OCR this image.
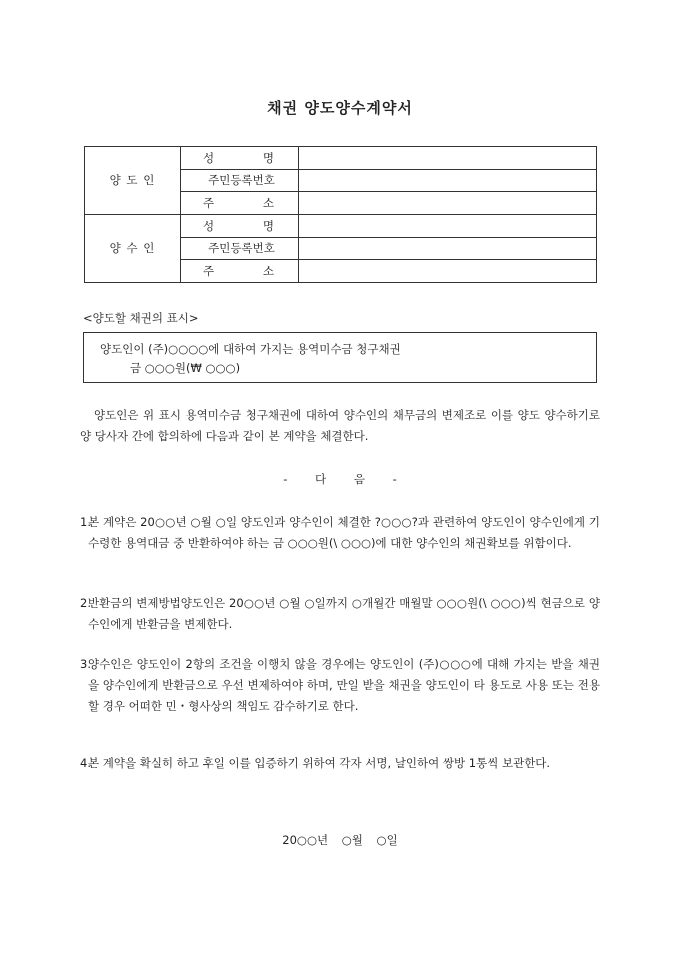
채권 양도양수계약서
양 도 인	성 명	

	주민등록번호	

	주 소	

양 수 인	성 명	

	주민등록번호	

	주 소	

<양도할 채권의 표시>
양도인이 (주)○○○○에 대하여 가지는 용역미수금 청구채권
금 ○○○원(₩ ○○○)
양도인은 위 표시 용역미수금 청구채권에 대하여 양수인의 채무금의 변제조로 이를 양도 양수하기로 양 당사자 간에 합의하에 다음과 같이 본 계약을 체결한다.
- 다 음 -
1.
본 계약은 20○○년 ○월 ○일 양도인과 양수인이 체결한 ?○○○?과 관련하여 양도인이 양수인에게 기 수령한 용역대금 중 반환하여야 하는 금 ○○○원(\ ○○○)에 대한 양수인의 채권확보를 위함이다.
2.
반환금의 변제방법양도인은 20○○년 ○월 ○일까지 ○개월간 매월말 ○○○원(\ ○○○)씩 현금으로 양수인에게 반환금을 변제한다.
3.
양수인은 양도인이 2항의 조건을 이행치 않을 경우에는 양도인이 (주)○○○에 대해 가지는 받을 채권을 양수인에게 반환금으로 우선 변제하여야 하며, 만일 받을 채권을 양도인이 타 용도로 사용 또는 전용할 경우 어떠한 민・형사상의 책임도 감수하기로 한다.
4.
본 계약을 확실히 하고 후일 이를 입증하기 위하여 각자 서명, 날인하여 쌍방 1통씩 보관한다.
20○○년 ○월 ○일
